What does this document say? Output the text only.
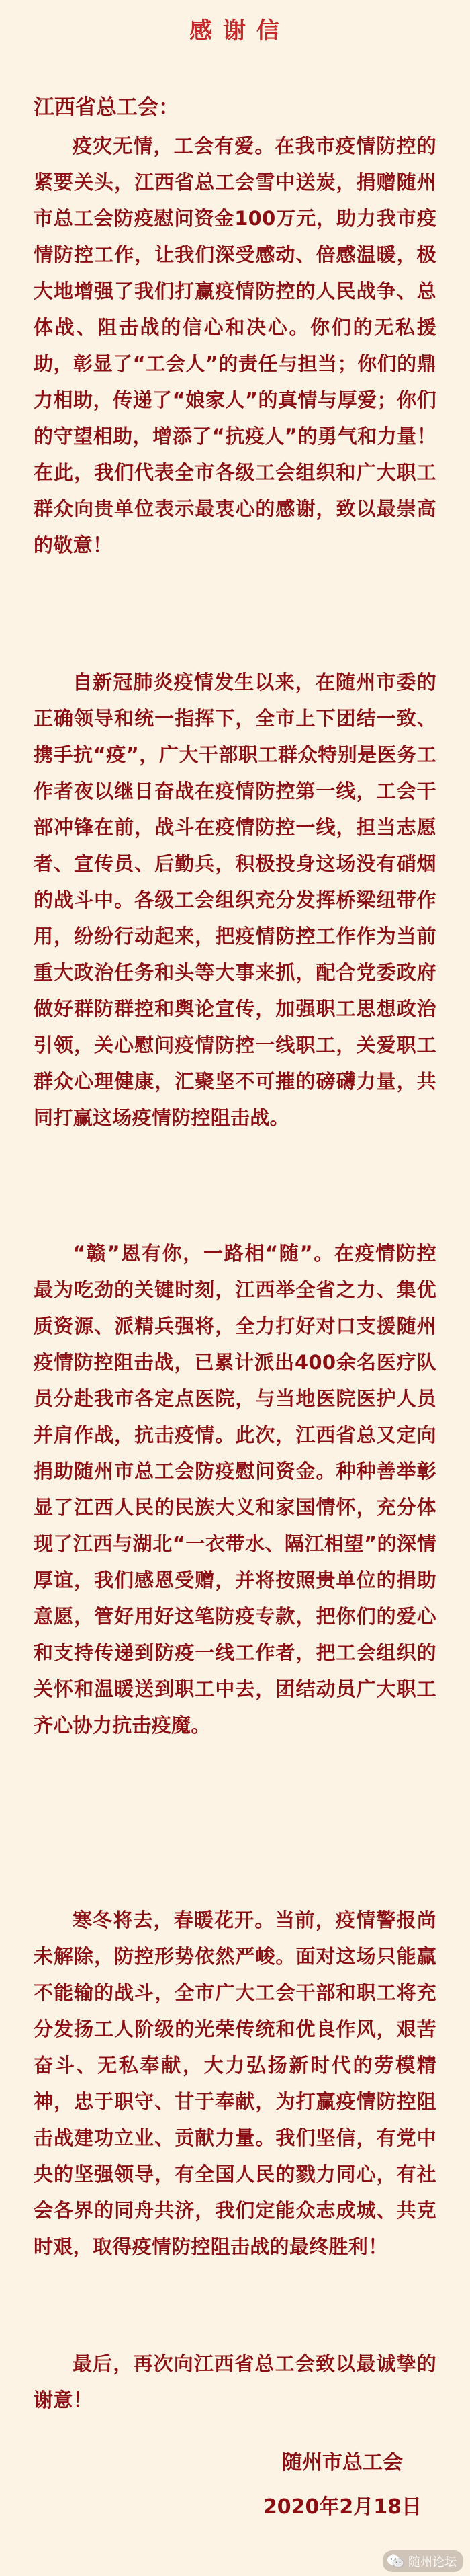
感 谢 信

江西省总工会：

疫灾无情，工会有爱。在我市疫情防控的紧要关头，江西省总工会雪中送炭，捐赠随州市总工会防疫慰问资金100万元，助力我市疫情防控工作，让我们深受感动、倍感温暖，极大地增强了我们打赢疫情防控的人民战争、总体战、阻击战的信心和决心。你们的无私援助，彰显了“工会人”的责任与担当；你们的鼎力相助，传递了“娘家人”的真情与厚爱；你们的守望相助，增添了“抗疫人”的勇气和力量！在此，我们代表全市各级工会组织和广大职工群众向贵单位表示最衷心的感谢，致以最崇高的敬意！

自新冠肺炎疫情发生以来，在随州市委的正确领导和统一指挥下，全市上下团结一致、携手抗“疫”，广大干部职工群众特别是医务工作者夜以继日奋战在疫情防控第一线，工会干部冲锋在前，战斗在疫情防控一线，担当志愿者、宣传员、后勤兵，积极投身这场没有硝烟的战斗中。各级工会组织充分发挥桥梁纽带作用，纷纷行动起来，把疫情防控工作作为当前重大政治任务和头等大事来抓，配合党委政府做好群防群控和舆论宣传，加强职工思想政治引领，关心慰问疫情防控一线职工，关爱职工群众心理健康，汇聚坚不可摧的磅礴力量，共同打赢这场疫情防控阻击战。

“赣”恩有你，一路相“随”。在疫情防控最为吃劲的关键时刻，江西举全省之力、集优质资源、派精兵强将，全力打好对口支援随州疫情防控阻击战，已累计派出400余名医疗队员分赴我市各定点医院，与当地医院医护人员并肩作战，抗击疫情。此次，江西省总又定向捐助随州市总工会防疫慰问资金。种种善举彰显了江西人民的民族大义和家国情怀，充分体现了江西与湖北“一衣带水、隔江相望”的深情厚谊，我们感恩受赠，并将按照贵单位的捐助意愿，管好用好这笔防疫专款，把你们的爱心和支持传递到防疫一线工作者，把工会组织的关怀和温暖送到职工中去，团结动员广大职工齐心协力抗击疫魔。

寒冬将去，春暖花开。当前，疫情警报尚未解除，防控形势依然严峻。面对这场只能赢不能输的战斗，全市广大工会干部和职工将充分发扬工人阶级的光荣传统和优良作风，艰苦奋斗、无私奉献，大力弘扬新时代的劳模精神，忠于职守、甘于奉献，为打赢疫情防控阻击战建功立业、贡献力量。我们坚信，有党中央的坚强领导，有全国人民的戮力同心，有社会各界的同舟共济，我们定能众志成城、共克时艰，取得疫情防控阻击战的最终胜利！

最后，再次向江西省总工会致以最诚挚的谢意！

随州市总工会

2020年2月18日

随州论坛
